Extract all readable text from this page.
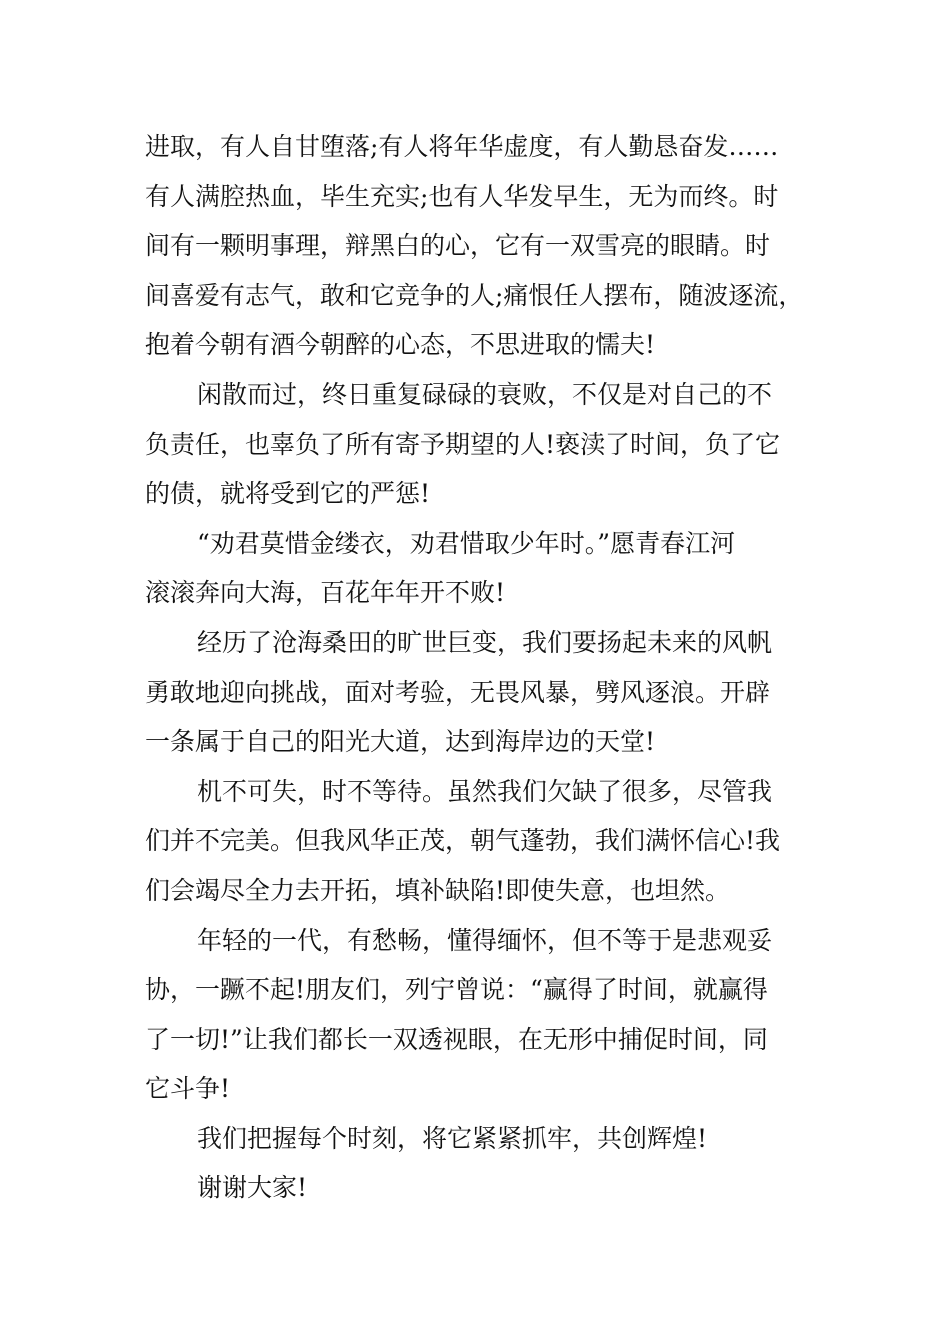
进取，有人自甘堕落;有人将年华虚度，有人勤恳奋发……
有人满腔热血，毕生充实;也有人华发早生，无为而终。时
间有一颗明事理，辩黑白的心，它有一双雪亮的眼睛。时
间喜爱有志气，敢和它竞争的人;痛恨任人摆布，随波逐流，
抱着今朝有酒今朝醉的心态，不思进取的懦夫!

闲散而过，终日重复碌碌的衰败，不仅是对自己的不
负责任，也辜负了所有寄予期望的人!亵渎了时间，负了它
的债，就将受到它的严惩!

“劝君莫惜金缕衣，劝君惜取少年时。”愿青春江河
滚滚奔向大海，百花年年开不败!

经历了沧海桑田的旷世巨变，我们要扬起未来的风帆
勇敢地迎向挑战，面对考验，无畏风暴，劈风逐浪。开辟
一条属于自己的阳光大道，达到海岸边的天堂!

机不可失，时不等待。虽然我们欠缺了很多，尽管我
们并不完美。但我风华正茂，朝气蓬勃，我们满怀信心!我
们会竭尽全力去开拓，填补缺陷!即使失意，也坦然。

年轻的一代，有愁畅，懂得缅怀，但不等于是悲观妥
协，一蹶不起!朋友们，列宁曾说：“赢得了时间，就赢得
了一切!”让我们都长一双透视眼，在无形中捕促时间，同
它斗争!

我们把握每个时刻，将它紧紧抓牢，共创辉煌!

谢谢大家!
